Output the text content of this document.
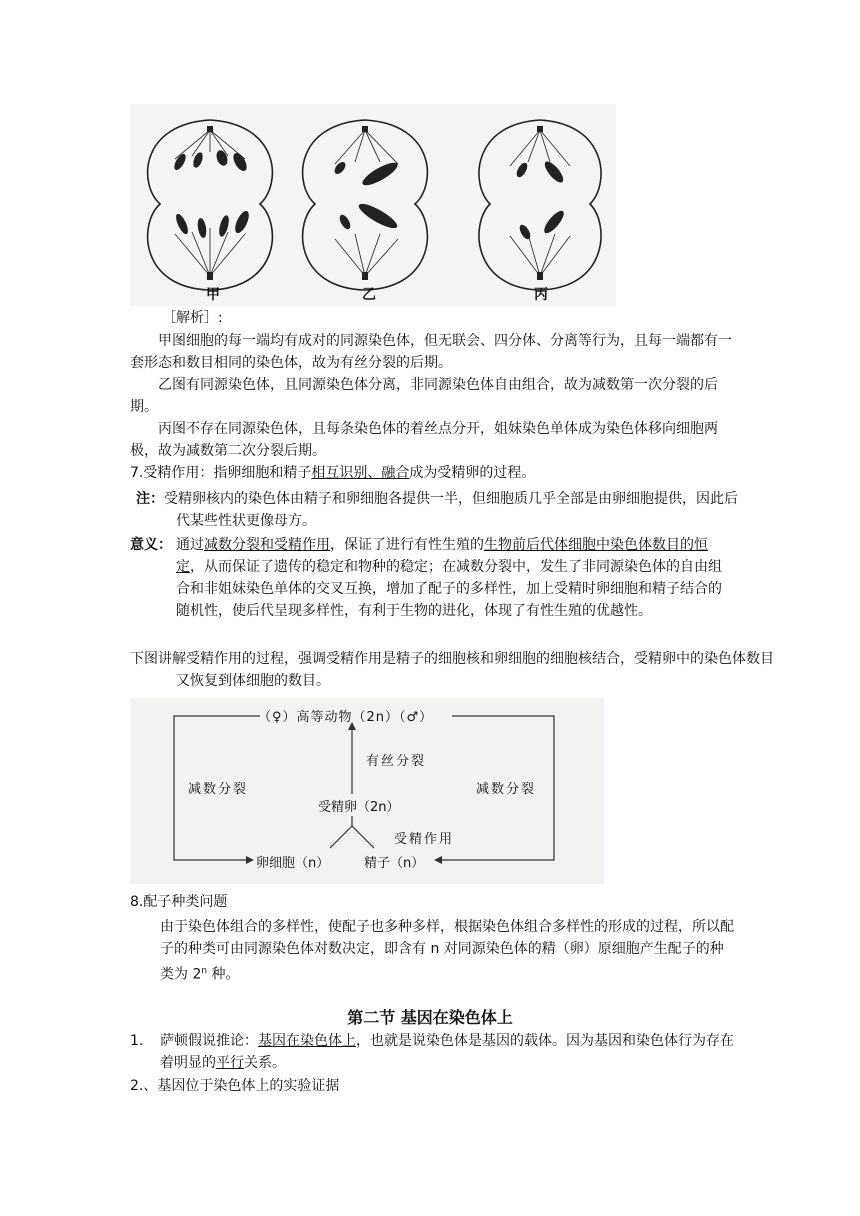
甲	乙	丙
［解析］:
甲图细胞的每一端均有成对的同源染色体，但无联会、四分体、分离等行为，且每一端都有一套形态和数目相同的染色体，故为有丝分裂的后期。
乙图有同源染色体，且同源染色体分离，非同源染色体自由组合，故为减数第一次分裂的后期。
丙图不存在同源染色体，且每条染色体的着丝点分开，姐妹染色单体成为染色体移向细胞两极，故为减数第二次分裂后期。
7.受精作用：指卵细胞和精子相互识别、融合成为受精卵的过程。
注： 受精卵核内的染色体由精子和卵细胞各提供一半，但细胞质几乎全部是由卵细胞提供，因此后代某些性状更像母方。
意义： 通过减数分裂和受精作用，保证了进行有性生殖的生物前后代体细胞中染色体数目的恒定，从而保证了遗传的稳定和物种的稳定；在减数分裂中，发生了非同源染色体的自由组合和非姐妹染色单体的交叉互换，增加了配子的多样性，加上受精时卵细胞和精子结合的随机性，使后代呈现多样性，有利于生物的进化，体现了有性生殖的优越性。
下图讲解受精作用的过程，强调受精作用是精子的细胞核和卵细胞的细胞核结合，受精卵中的染色体数目又恢复到体细胞的数目。
（♀）高等动物（2n）（♂）
有丝分裂
减数分裂	减数分裂
受精卵（2n）
受精作用
卵细胞（n）	精子（n）
8.配子种类问题
由于染色体组合的多样性，使配子也多种多样，根据染色体组合多样性的形成的过程，所以配子的种类可由同源染色体对数决定，即含有 n 对同源染色体的精（卵）原细胞产生配子的种类为 2$^n$ 种。
第二节 基因在染色体上
1. 萨顿假说推论：基因在染色体上，也就是说染色体是基因的载体。因为基因和染色体行为存在着明显的平行关系。
2.、基因位于染色体上的实验证据
